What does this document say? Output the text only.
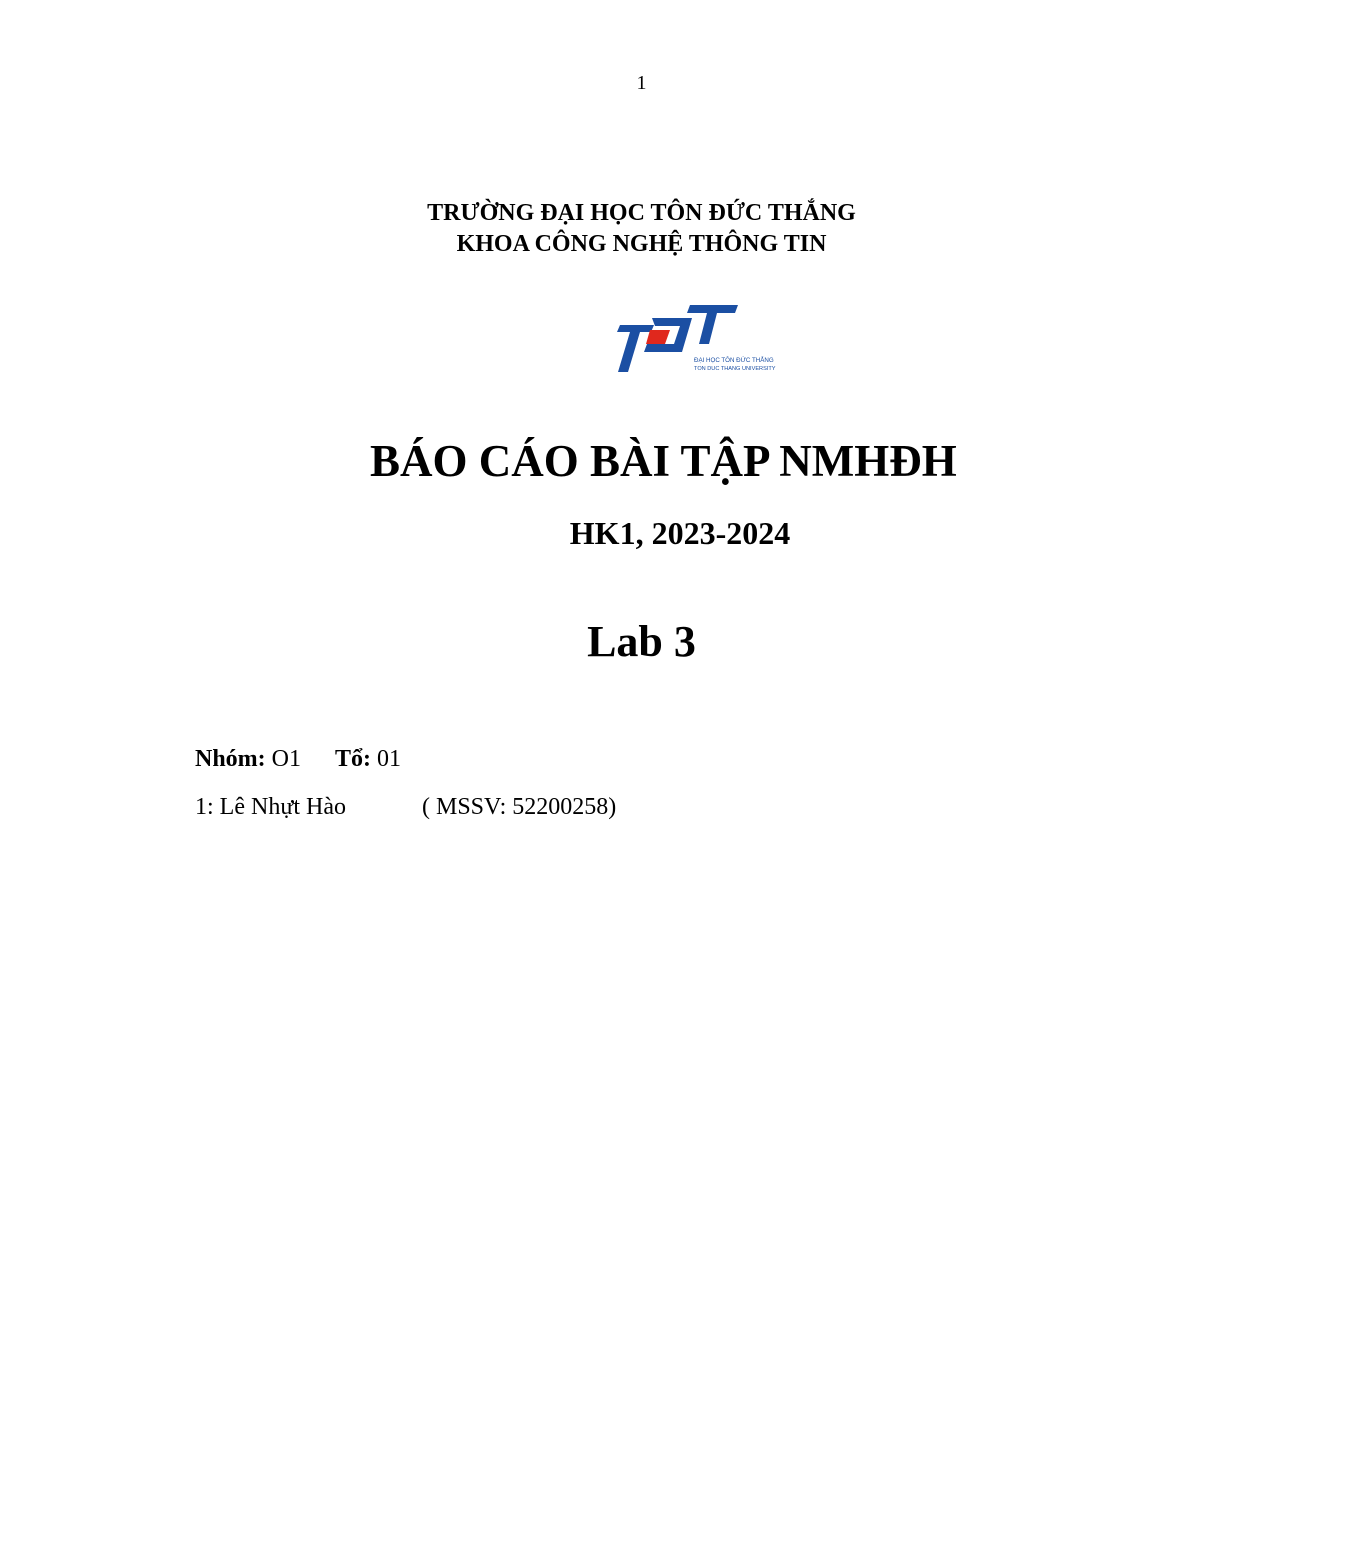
1
TRƯỜNG ĐẠI HỌC TÔN ĐỨC THẮNG
KHOA CÔNG NGHỆ THÔNG TIN
ĐẠI HỌC TÔN ĐỨC THẮNG
TON DUC THANG UNIVERSITY
BÁO CÁO BÀI TẬP NMHĐH
HK1, 2023-2024
Lab 3
Nhóm: O1 Tổ: 01
1: Lê Nhựt Hào	( MSSV: 52200258)
